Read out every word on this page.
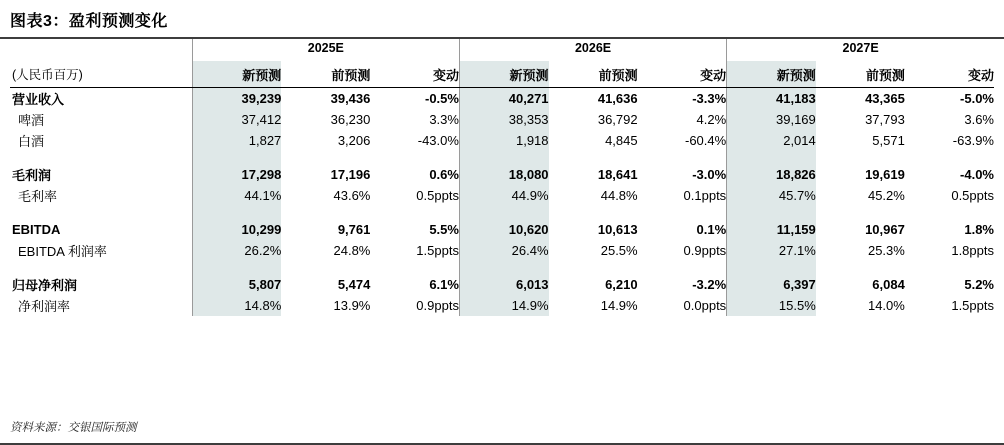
图表3：盈利预测变化

	2025E			2026E			2027E		

(人民币百万)	新预测	前预测	变动	新预测	前预测	变动	新预测	前预测	变动
营业收入	39,239	39,436	-0.5%	40,271	41,636	-3.3%	41,183	43,365	-5.0%
啤酒	37,412	36,230	3.3%	38,353	36,792	4.2%	39,169	37,793	3.6%
白酒	1,827	3,206	-43.0%	1,918	4,845	-60.4%	2,014	5,571	-63.9%

毛利润	17,298	17,196	0.6%	18,080	18,641	-3.0%	18,826	19,619	-4.0%
毛利率	44.1%	43.6%	0.5ppts	44.9%	44.8%	0.1ppts	45.7%	45.2%	0.5ppts

EBITDA	10,299	9,761	5.5%	10,620	10,613	0.1%	11,159	10,967	1.8%
EBITDA 利润率	26.2%	24.8%	1.5ppts	26.4%	25.5%	0.9ppts	27.1%	25.3%	1.8ppts

归母净利润	5,807	5,474	6.1%	6,013	6,210	-3.2%	6,397	6,084	5.2%
净利润率	14.8%	13.9%	0.9ppts	14.9%	14.9%	0.0ppts	15.5%	14.0%	1.5ppts
资料来源：交银国际预测
